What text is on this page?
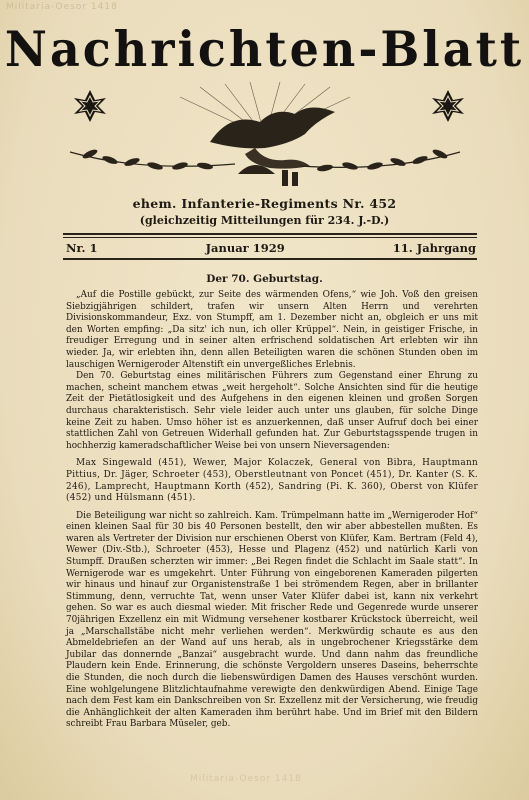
Militaria-Oesor 1418
Nachrichten-Blatt
ehem. Infanterie-Regiments Nr. 452
(gleichzeitig Mitteilungen für 234. J.-D.)
Nr. 1	Januar 1929	11. Jahrgang
Der 70. Geburtstag.

„Auf die Postille gebückt, zur Seite des wärmenden Ofens,“ wie Joh. Voß den greisen Siebzigjährigen schildert, trafen wir unsern Alten Herrn und verehrten Divisionskommandeur, Exz. von Stumpff, am 1. Dezember nicht an, obgleich er uns mit den Worten empfing: „Da sitz' ich nun, ich oller Krüppel“. Nein, in geistiger Frische, in freudiger Erregung und in seiner alten erfrischend soldatischen Art erlebten wir ihn wieder. Ja, wir erlebten ihn, denn allen Beteiligten waren die schönen Stunden oben im lauschigen Wernigeroder Altenstift ein unvergeßliches Erlebnis.

Den 70. Geburtstag eines militärischen Führers zum Gegenstand einer Ehrung zu machen, scheint manchem etwas „weit hergeholt“. Solche Ansichten sind für die heutige Zeit der Pietätlosigkeit und des Aufgehens in den eigenen kleinen und großen Sorgen durchaus charakteristisch. Sehr viele leider auch unter uns glauben, für solche Dinge keine Zeit zu haben. Umso höher ist es anzuerkennen, daß unser Aufruf doch bei einer stattlichen Zahl von Getreuen Widerhall gefunden hat. Zur Geburtstagsspende trugen in hochherzig kameradschaftlicher Weise bei von unsern Nieversagenden:

Max Singewald (451), Wewer, Major Kolaczek, General von Bibra, Hauptmann Pittius, Dr. Jäger, Schroeter (453), Oberstleutnant von Poncet (451), Dr. Kanter (S. K. 246), Lamprecht, Hauptmann Korth (452), Sandring (Pi. K. 360), Oberst von Klüfer (452) und Hülsmann (451).

Die Beteiligung war nicht so zahlreich. Kam. Trümpelmann hatte im „Wernigeroder Hof“ einen kleinen Saal für 30 bis 40 Personen bestellt, den wir aber abbestellen mußten. Es waren als Vertreter der Division nur erschienen Oberst von Klüfer, Kam. Bertram (Feld 4), Wewer (Div.-Stb.), Schroeter (453), Hesse und Plagenz (452) und natürlich Karli von Stumpff. Draußen scherzten wir immer: „Bei Regen findet die Schlacht im Saale statt“. In Wernigerode war es umgekehrt. Unter Führung von eingeborenen Kameraden pilgerten wir hinaus und hinauf zur Organistenstraße 1 bei strömendem Regen, aber in brillanter Stimmung, denn, verruchte Tat, wenn unser Vater Klüfer dabei ist, kann nix verkehrt gehen. So war es auch diesmal wieder. Mit frischer Rede und Gegenrede wurde unserer 70jährigen Exzellenz ein mit Widmung versehener kostbarer Krückstock überreicht, weil ja „Marschallstäbe nicht mehr verliehen werden“. Merkwürdig schaute es aus den Abmeldebriefen an der Wand auf uns herab, als in ungebrochener Kriegsstärke dem Jubilar das donnernde „Banzai“ ausgebracht wurde. Und dann nahm das freundliche Plaudern kein Ende. Erinnerung, die schönste Vergoldern unseres Daseins, beherrschte die Stunden, die noch durch die liebenswürdigen Damen des Hauses verschönt wurden. Eine wohlgelungene Blitzlichtaufnahme verewigte den denkwürdigen Abend. Einige Tage nach dem Fest kam ein Dankschreiben von Sr. Exzellenz mit der Versicherung, wie freudig die Anhänglichkeit der alten Kameraden ihm berührt habe. Und im Brief mit den Bildern schreibt Frau Barbara Müseler, geb.

Militaria-Oesor 1418
